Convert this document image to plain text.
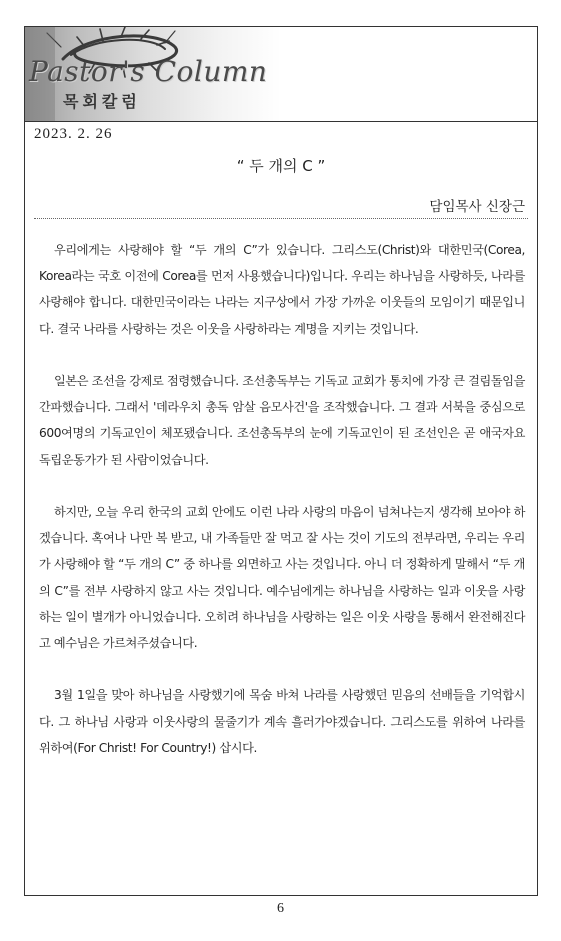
Pastor's Column
목회칼럼
2023. 2. 26
“ 두 개의 C ”
담임목사 신장근

우리에게는 사랑해야 할 “두 개의 C”가 있습니다. 그리스도(Christ)와 대한민국(Corea, Korea라는 국호 이전에 Corea를 먼저 사용했습니다)입니다. 우리는 하나님을 사랑하듯, 나라를 사랑해야 합니다. 대한민국이라는 나라는 지구상에서 가장 가까운 이웃들의 모임이기 때문입니다. 결국 나라를 사랑하는 것은 이웃을 사랑하라는 계명을 지키는 것입니다.

일본은 조선을 강제로 점령했습니다. 조선총독부는 기독교 교회가 통치에 가장 큰 걸림돌임을 간파했습니다. 그래서 '데라우치 총독 암살 음모사건'을 조작했습니다. 그 결과 서북을 중심으로 600여명의 기독교인이 체포됐습니다. 조선총독부의 눈에 기독교인이 된 조선인은 곧 애국자요 독립운동가가 된 사람이었습니다.

하지만, 오늘 우리 한국의 교회 안에도 이런 나라 사랑의 마음이 넘쳐나는지 생각해 보아야 하겠습니다. 혹여나 나만 복 받고, 내 가족들만 잘 먹고 잘 사는 것이 기도의 전부라면, 우리는 우리가 사랑해야 할 “두 개의 C” 중 하나를 외면하고 사는 것입니다. 아니 더 정확하게 말해서 “두 개의 C”를 전부 사랑하지 않고 사는 것입니다. 예수님에게는 하나님을 사랑하는 일과 이웃을 사랑하는 일이 별개가 아니었습니다. 오히려 하나님을 사랑하는 일은 이웃 사랑을 통해서 완전해진다고 예수님은 가르쳐주셨습니다.

3월 1일을 맞아 하나님을 사랑했기에 목숨 바쳐 나라를 사랑했던 믿음의 선배들을 기억합시다. 그 하나님 사랑과 이웃사랑의 물줄기가 계속 흘러가야겠습니다. 그리스도를 위하여 나라를 위하여(For Christ! For Country!) 삽시다.

6
